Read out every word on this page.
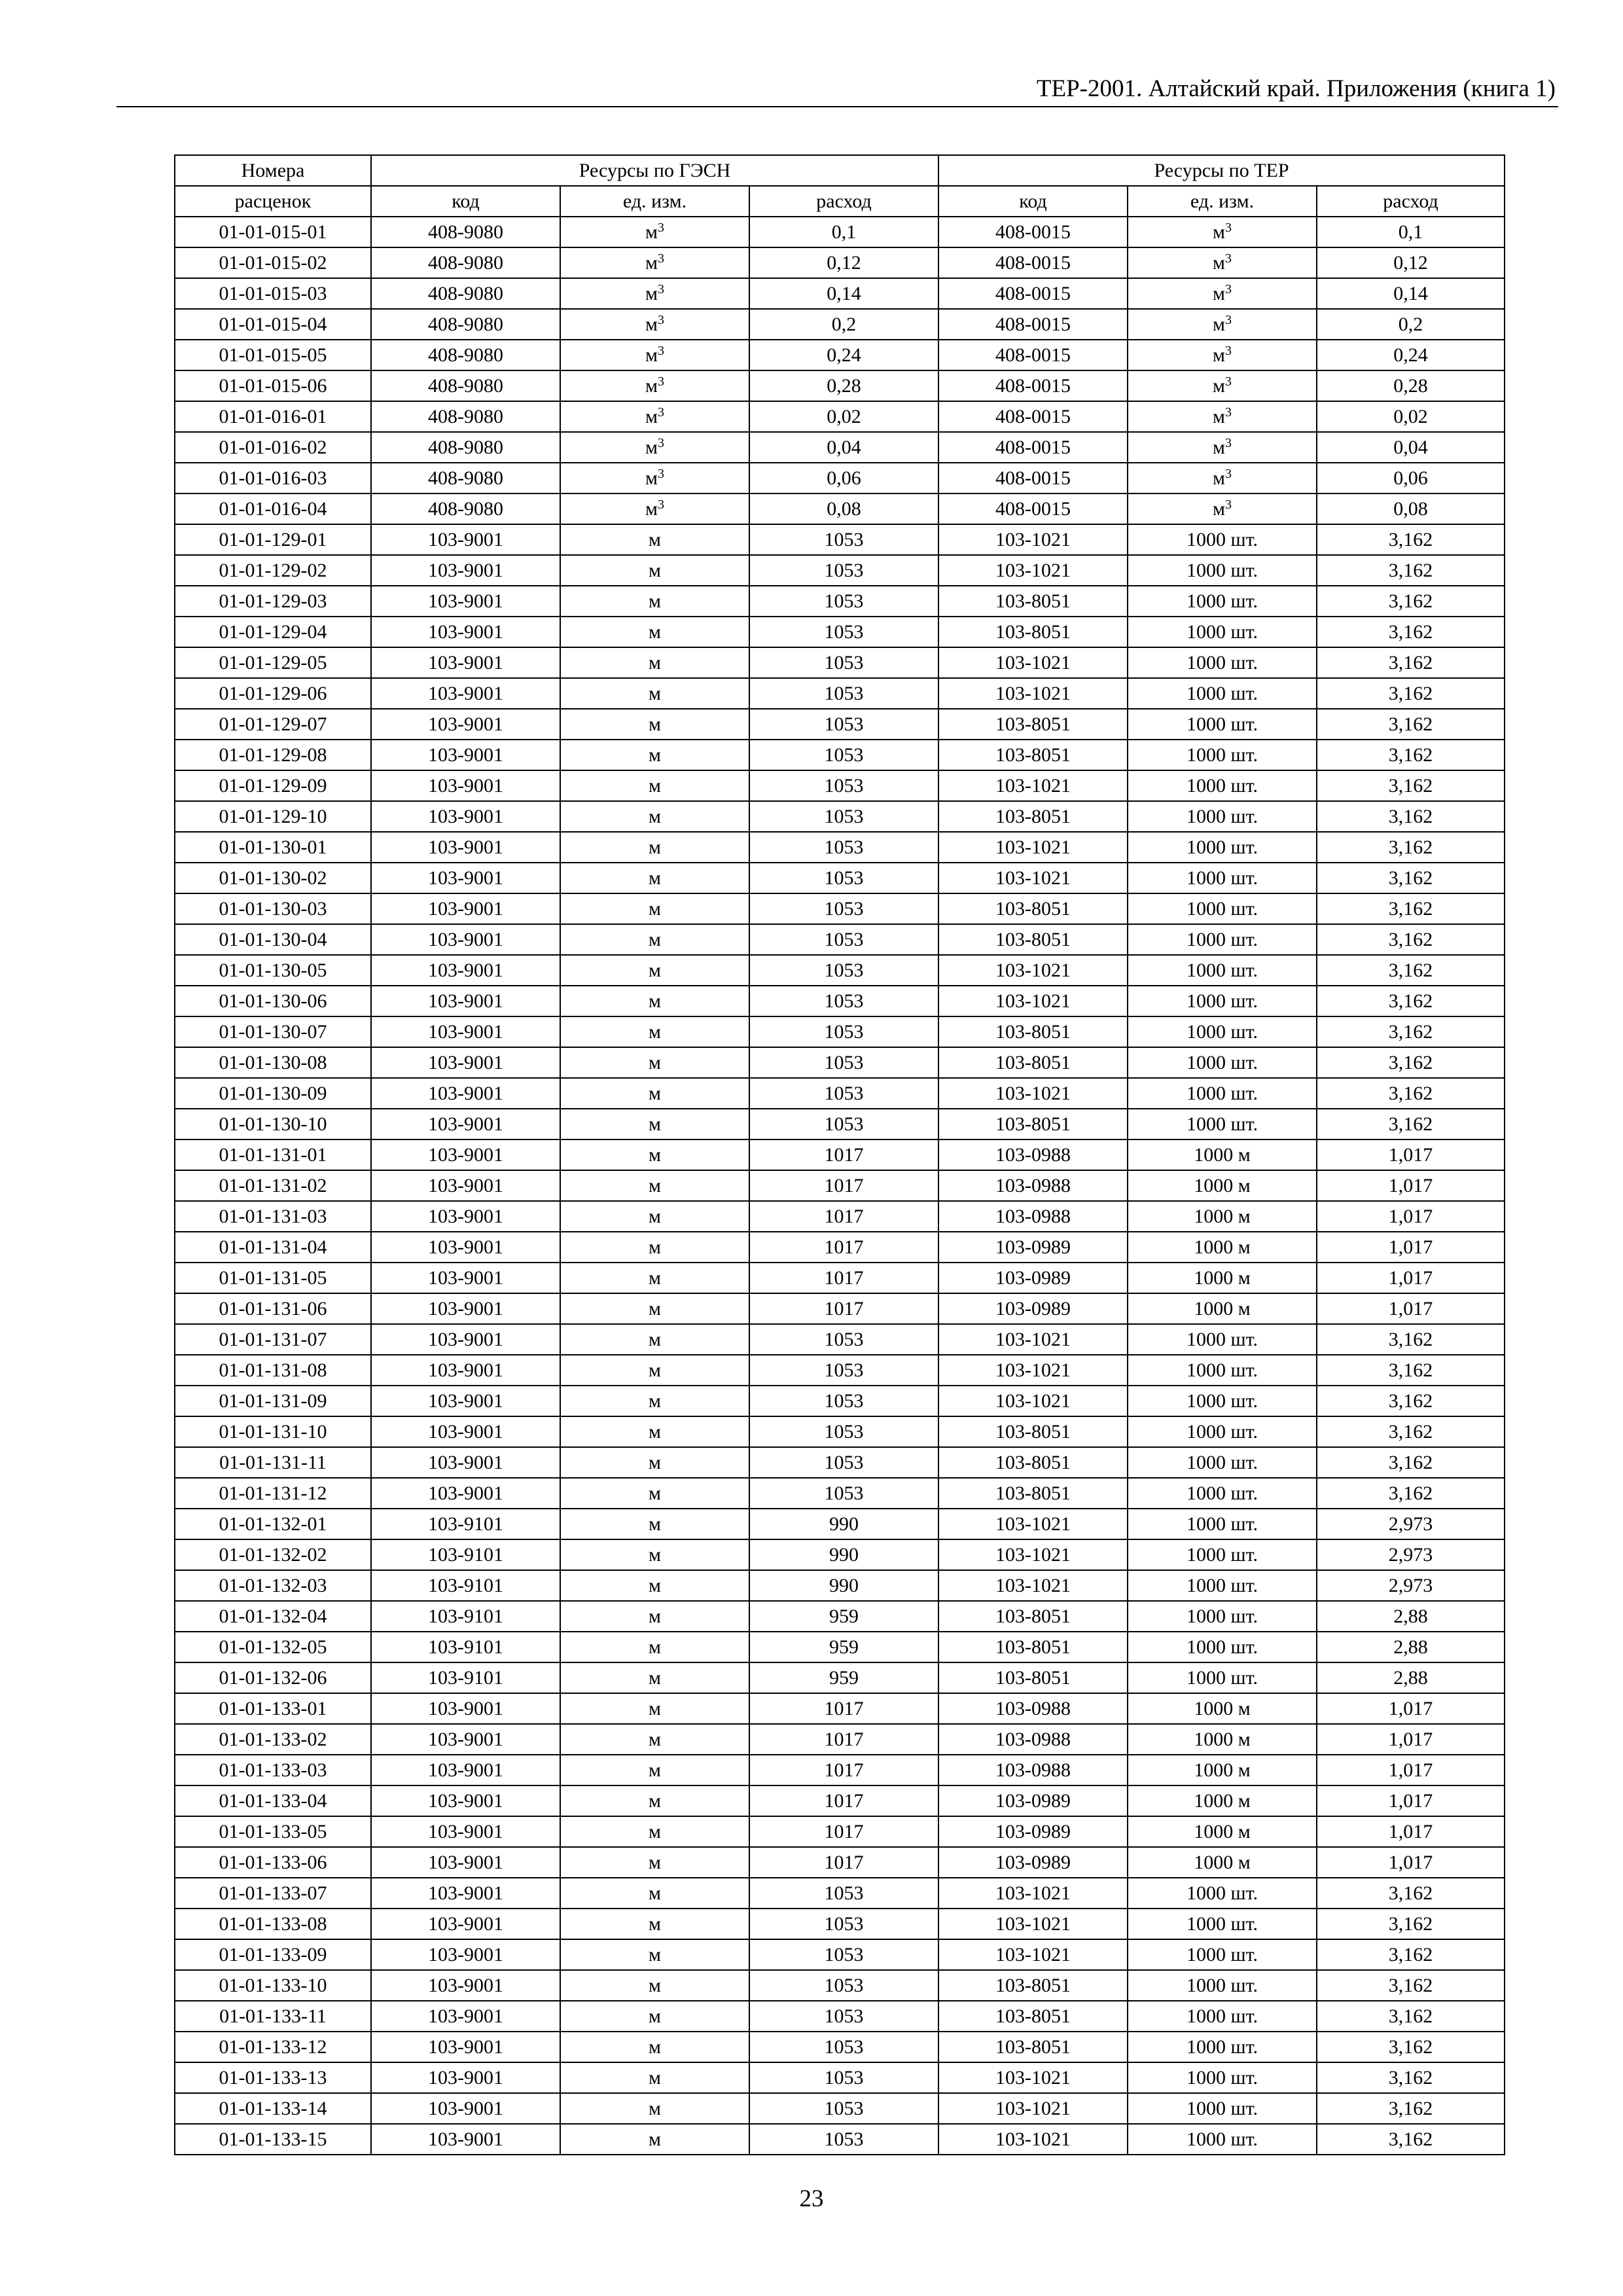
ТЕР-2001. Алтайский край. Приложения (книга 1)
Номера	Ресурсы по ГЭСН			Ресурсы по ТЕР		
расценок	код	ед. изм.	расход	код	ед. изм.	расход
01-01-015-01	408-9080	$м^3$	0,1	408-0015	$м^3$	0,1
01-01-015-02	408-9080	$м^3$	0,12	408-0015	$м^3$	0,12
01-01-015-03	408-9080	$м^3$	0,14	408-0015	$м^3$	0,14
01-01-015-04	408-9080	$м^3$	0,2	408-0015	$м^3$	0,2
01-01-015-05	408-9080	$м^3$	0,24	408-0015	$м^3$	0,24
01-01-015-06	408-9080	$м^3$	0,28	408-0015	$м^3$	0,28
01-01-016-01	408-9080	$м^3$	0,02	408-0015	$м^3$	0,02
01-01-016-02	408-9080	$м^3$	0,04	408-0015	$м^3$	0,04
01-01-016-03	408-9080	$м^3$	0,06	408-0015	$м^3$	0,06
01-01-016-04	408-9080	$м^3$	0,08	408-0015	$м^3$	0,08
01-01-129-01	103-9001	м	1053	103-1021	1000 шт.	3,162
01-01-129-02	103-9001	м	1053	103-1021	1000 шт.	3,162
01-01-129-03	103-9001	м	1053	103-8051	1000 шт.	3,162
01-01-129-04	103-9001	м	1053	103-8051	1000 шт.	3,162
01-01-129-05	103-9001	м	1053	103-1021	1000 шт.	3,162
01-01-129-06	103-9001	м	1053	103-1021	1000 шт.	3,162
01-01-129-07	103-9001	м	1053	103-8051	1000 шт.	3,162
01-01-129-08	103-9001	м	1053	103-8051	1000 шт.	3,162
01-01-129-09	103-9001	м	1053	103-1021	1000 шт.	3,162
01-01-129-10	103-9001	м	1053	103-8051	1000 шт.	3,162
01-01-130-01	103-9001	м	1053	103-1021	1000 шт.	3,162
01-01-130-02	103-9001	м	1053	103-1021	1000 шт.	3,162
01-01-130-03	103-9001	м	1053	103-8051	1000 шт.	3,162
01-01-130-04	103-9001	м	1053	103-8051	1000 шт.	3,162
01-01-130-05	103-9001	м	1053	103-1021	1000 шт.	3,162
01-01-130-06	103-9001	м	1053	103-1021	1000 шт.	3,162
01-01-130-07	103-9001	м	1053	103-8051	1000 шт.	3,162
01-01-130-08	103-9001	м	1053	103-8051	1000 шт.	3,162
01-01-130-09	103-9001	м	1053	103-1021	1000 шт.	3,162
01-01-130-10	103-9001	м	1053	103-8051	1000 шт.	3,162
01-01-131-01	103-9001	м	1017	103-0988	1000 м	1,017
01-01-131-02	103-9001	м	1017	103-0988	1000 м	1,017
01-01-131-03	103-9001	м	1017	103-0988	1000 м	1,017
01-01-131-04	103-9001	м	1017	103-0989	1000 м	1,017
01-01-131-05	103-9001	м	1017	103-0989	1000 м	1,017
01-01-131-06	103-9001	м	1017	103-0989	1000 м	1,017
01-01-131-07	103-9001	м	1053	103-1021	1000 шт.	3,162
01-01-131-08	103-9001	м	1053	103-1021	1000 шт.	3,162
01-01-131-09	103-9001	м	1053	103-1021	1000 шт.	3,162
01-01-131-10	103-9001	м	1053	103-8051	1000 шт.	3,162
01-01-131-11	103-9001	м	1053	103-8051	1000 шт.	3,162
01-01-131-12	103-9001	м	1053	103-8051	1000 шт.	3,162
01-01-132-01	103-9101	м	990	103-1021	1000 шт.	2,973
01-01-132-02	103-9101	м	990	103-1021	1000 шт.	2,973
01-01-132-03	103-9101	м	990	103-1021	1000 шт.	2,973
01-01-132-04	103-9101	м	959	103-8051	1000 шт.	2,88
01-01-132-05	103-9101	м	959	103-8051	1000 шт.	2,88
01-01-132-06	103-9101	м	959	103-8051	1000 шт.	2,88
01-01-133-01	103-9001	м	1017	103-0988	1000 м	1,017
01-01-133-02	103-9001	м	1017	103-0988	1000 м	1,017
01-01-133-03	103-9001	м	1017	103-0988	1000 м	1,017
01-01-133-04	103-9001	м	1017	103-0989	1000 м	1,017
01-01-133-05	103-9001	м	1017	103-0989	1000 м	1,017
01-01-133-06	103-9001	м	1017	103-0989	1000 м	1,017
01-01-133-07	103-9001	м	1053	103-1021	1000 шт.	3,162
01-01-133-08	103-9001	м	1053	103-1021	1000 шт.	3,162
01-01-133-09	103-9001	м	1053	103-1021	1000 шт.	3,162
01-01-133-10	103-9001	м	1053	103-8051	1000 шт.	3,162
01-01-133-11	103-9001	м	1053	103-8051	1000 шт.	3,162
01-01-133-12	103-9001	м	1053	103-8051	1000 шт.	3,162
01-01-133-13	103-9001	м	1053	103-1021	1000 шт.	3,162
01-01-133-14	103-9001	м	1053	103-1021	1000 шт.	3,162
01-01-133-15	103-9001	м	1053	103-1021	1000 шт.	3,162
23
